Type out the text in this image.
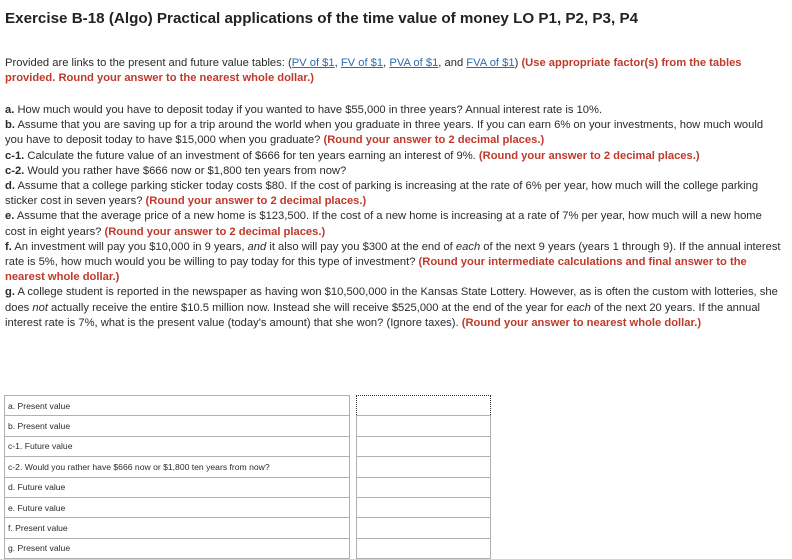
Exercise B-18 (Algo) Practical applications of the time value of money LO P1, P2, P3, P4
Provided are links to the present and future value tables: (PV of $1, FV of $1, PVA of $1, and FVA of $1) (Use appropriate factor(s) from the tables provided. Round your answer to the nearest whole dollar.)

a. How much would you have to deposit today if you wanted to have $55,000 in three years? Annual interest rate is 10%.

b. Assume that you are saving up for a trip around the world when you graduate in three years. If you can earn 6% on your investments, how much would you have to deposit today to have $15,000 when you graduate? (Round your answer to 2 decimal places.)

c-1. Calculate the future value of an investment of $666 for ten years earning an interest of 9%. (Round your answer to 2 decimal places.)

c-2. Would you rather have $666 now or $1,800 ten years from now?

d. Assume that a college parking sticker today costs $80. If the cost of parking is increasing at the rate of 6% per year, how much will the college parking sticker cost in seven years? (Round your answer to 2 decimal places.)

e. Assume that the average price of a new home is $123,500. If the cost of a new home is increasing at a rate of 7% per year, how much will a new home cost in eight years? (Round your answer to 2 decimal places.)

f. An investment will pay you $10,000 in 9 years, and it also will pay you $300 at the end of each of the next 9 years (years 1 through 9). If the annual interest rate is 5%, how much would you be willing to pay today for this type of investment? (Round your intermediate calculations and final answer to the nearest whole dollar.)

g. A college student is reported in the newspaper as having won $10,500,000 in the Kansas State Lottery. However, as is often the custom with lotteries, she does not actually receive the entire $10.5 million now. Instead she will receive $525,000 at the end of the year for each of the next 20 years. If the annual interest rate is 7%, what is the present value (today's amount) that she won? (Ignore taxes). (Round your answer to nearest whole dollar.)

a. Present value		
b. Present value		
c-1. Future value		
c-2. Would you rather have $666 now or $1,800 ten years from now?		
d. Future value		
e. Future value		
f. Present value		
g. Present value		
